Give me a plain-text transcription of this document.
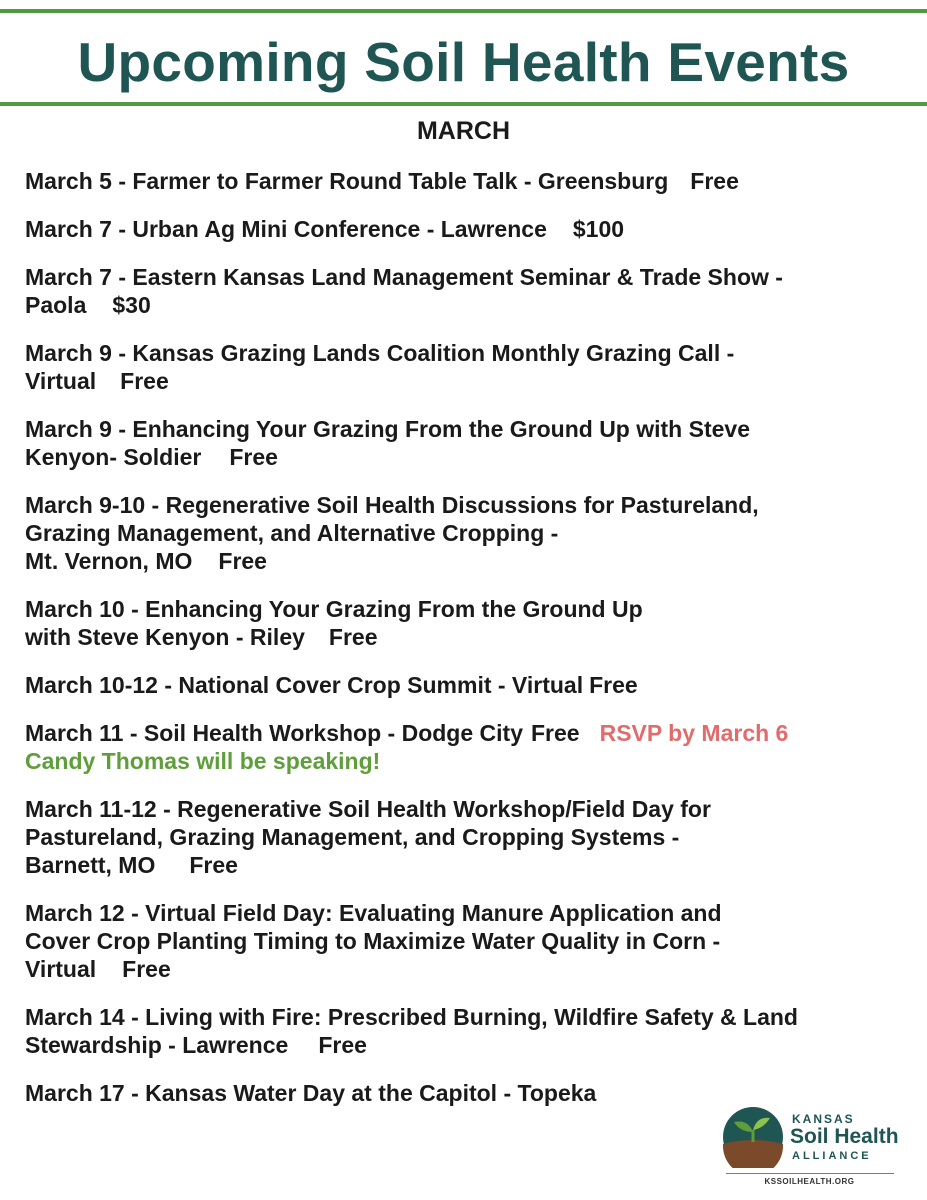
Upcoming Soil Health Events
MARCH
March 5 - Farmer to Farmer Round Table Talk - Greensburg Free
March 7 - Urban Ag Mini Conference - Lawrence $100
March 7 - Eastern Kansas Land Management Seminar & Trade Show -
Paola $30
March 9 - Kansas Grazing Lands Coalition Monthly Grazing Call -
Virtual Free
March 9 - Enhancing Your Grazing From the Ground Up with Steve
Kenyon- Soldier Free
March 9-10 - Regenerative Soil Health Discussions for Pastureland,
Grazing Management, and Alternative Cropping -
Mt. Vernon, MO Free
March 10 - Enhancing Your Grazing From the Ground Up
with Steve Kenyon - Riley Free
March 10-12 - National Cover Crop Summit - Virtual Free
March 11 - Soil Health Workshop - Dodge City Free RSVP by March 6
Candy Thomas will be speaking!
March 11-12 - Regenerative Soil Health Workshop/Field Day for
Pastureland, Grazing Management, and Cropping Systems -
Barnett, MO Free
March 12 - Virtual Field Day: Evaluating Manure Application and
Cover Crop Planting Timing to Maximize Water Quality in Corn -
Virtual Free
March 14 - Living with Fire: Prescribed Burning, Wildfire Safety & Land
Stewardship - Lawrence Free
March 17 - Kansas Water Day at the Capitol - Topeka
KANSAS
Soil Health
ALLIANCE
KSSOILHEALTH.ORG
